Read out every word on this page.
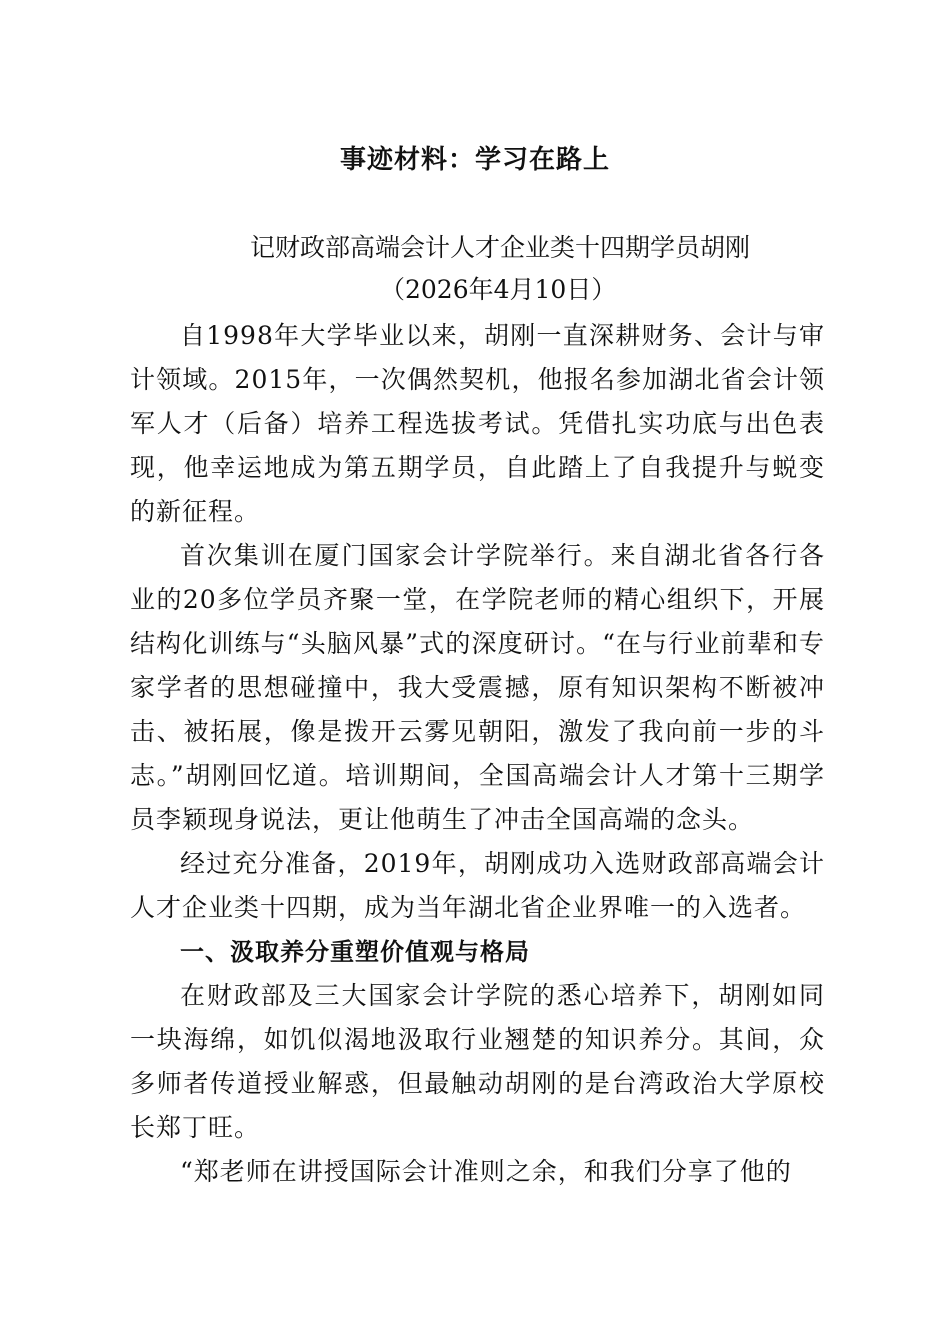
事迹材料：学习在路上
记财政部高端会计人才企业类十四期学员胡刚
（2026年4月10日）

自1998年大学毕业以来，胡刚一直深耕财务、会计与审计领域。2015年，一次偶然契机，他报名参加湖北省会计领军人才（后备）培养工程选拔考试。凭借扎实功底与出色表现，他幸运地成为第五期学员，自此踏上了自我提升与蜕变的新征程。

首次集训在厦门国家会计学院举行。来自湖北省各行各业的20多位学员齐聚一堂，在学院老师的精心组织下，开展结构化训练与“头脑风暴”式的深度研讨。“在与行业前辈和专家学者的思想碰撞中，我大受震撼，原有知识架构不断被冲击、被拓展，像是拨开云雾见朝阳，激发了我向前一步的斗志。”胡刚回忆道。培训期间，全国高端会计人才第十三期学员李颖现身说法，更让他萌生了冲击全国高端的念头。

经过充分准备，2019年，胡刚成功入选财政部高端会计人才企业类十四期，成为当年湖北省企业界唯一的入选者。

一、汲取养分重塑价值观与格局

在财政部及三大国家会计学院的悉心培养下，胡刚如同一块海绵，如饥似渴地汲取行业翘楚的知识养分。其间，众多师者传道授业解惑，但最触动胡刚的是台湾政治大学原校长郑丁旺。

“郑老师在讲授国际会计准则之余，和我们分享了他的
